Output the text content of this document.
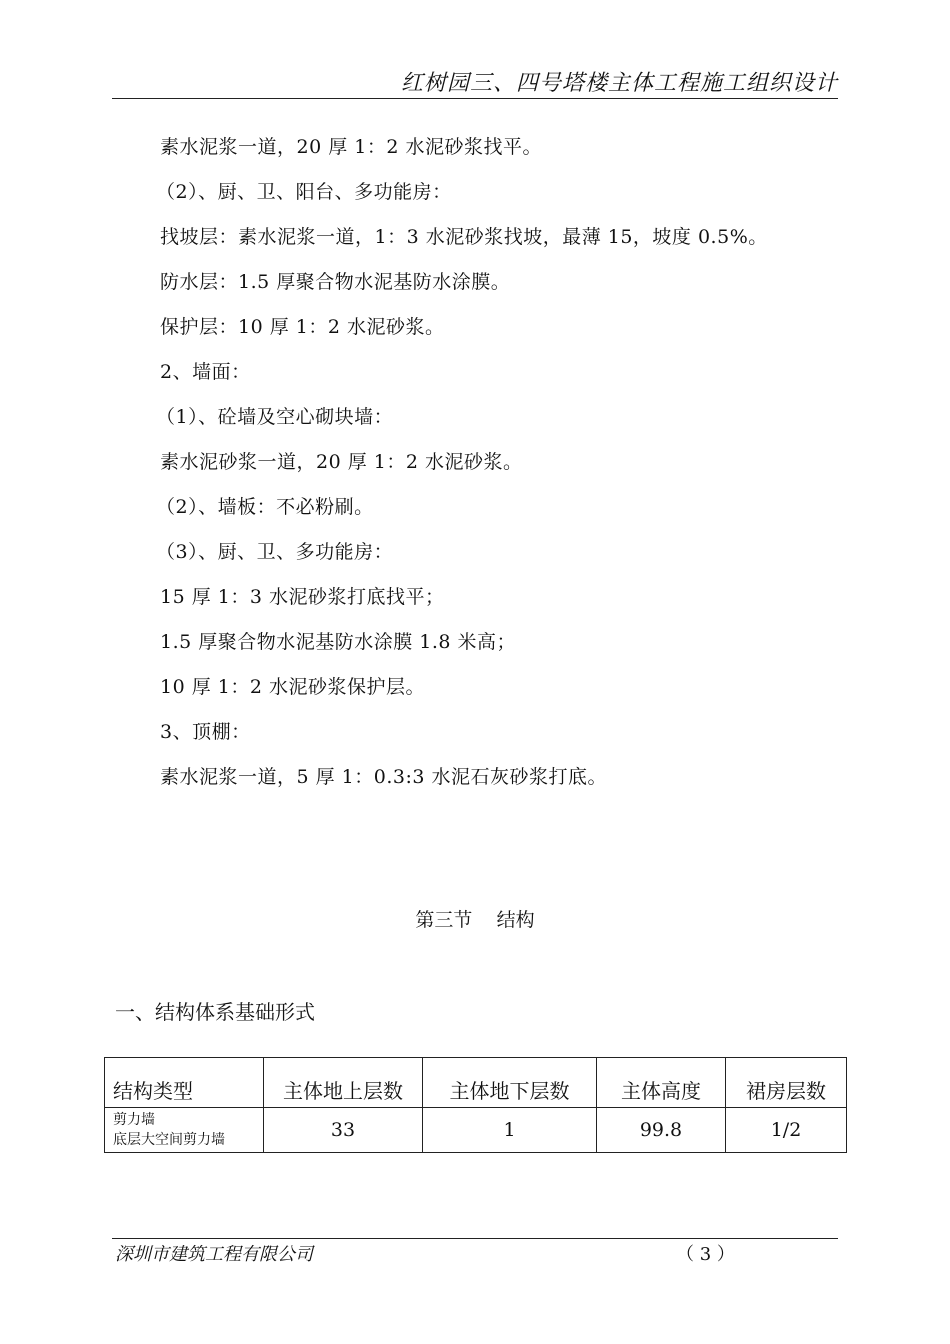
红树园三、四号塔楼主体工程施工组织设计
素水泥浆一道，20 厚 1：2 水泥砂浆找平。
（2）、厨、卫、阳台、多功能房：
找坡层：素水泥浆一道，1：3 水泥砂浆找坡，最薄 15，坡度 0.5%。
防水层：1.5 厚聚合物水泥基防水涂膜。
保护层：10 厚 1：2 水泥砂浆。
2、墙面：
（1）、砼墙及空心砌块墙：
素水泥砂浆一道，20 厚 1：2 水泥砂浆。
（2）、墙板：不必粉刷。
（3）、厨、卫、多功能房：
15 厚 1：3 水泥砂浆打底找平；
1.5 厚聚合物水泥基防水涂膜 1.8 米高；
10 厚 1：2 水泥砂浆保护层。
3、顶棚：
素水泥浆一道，5 厚 1：0.3:3 水泥石灰砂浆打底。
第三节    结构
一、结构体系基础形式
结构类型	主体地上层数	主体地下层数	主体高度	裙房层数

剪力墙
底层大空间剪力墙	33	1	99.8	1/2
深圳市建筑工程有限公司	（ 3 ）
